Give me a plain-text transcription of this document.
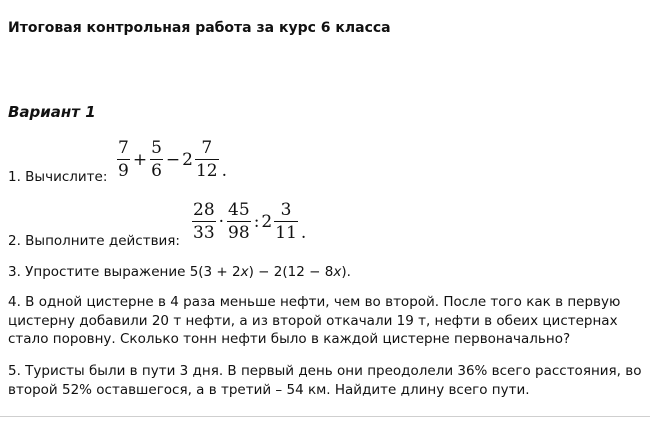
Итоговая контрольная работа за курс 6 класса
Вариант 1
1. Вычислите: $\frac{7}{9} + \frac{5}{6} - 2 \frac{7}{12}$ .
2. Выполните действия: $\frac{28}{33} \cdot \frac{45}{98}$ : $2 \frac{3}{11}$ .
3. Упростите выражение 5(3 + 2x) − 2(12 − 8x).
4. В одной цистерне в 4 раза меньше нефти, чем во второй. После того как в первую цистерну добавили 20 т нефти, а из второй откачали 19 т, нефти в обеих цистернах стало поровну. Сколько тонн нефти было в каждой цистерне первоначально?
5. Туристы были в пути 3 дня. В первый день они преодолели 36% всего расстояния, во второй 52% оставшегося, а в третий – 54 км. Найдите длину всего пути.
